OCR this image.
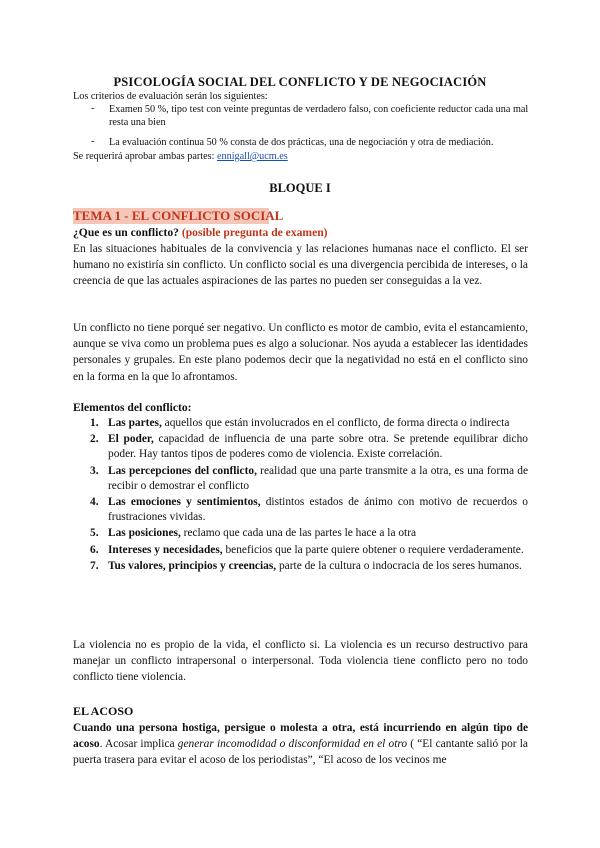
PSICOLOGÍA SOCIAL DEL CONFLICTO Y DE NEGOCIACIÓN
Los criterios de evaluación serán los siguientes:
- Examen 50 %, tipo test con veinte preguntas de verdadero falso, con coeficiente reductor cada una mal resta una bien
- La evaluación continua 50 % consta de dos prácticas, una de negociación y otra de mediación.
Se requerirá aprobar ambas partes: ennigall@ucm.es
BLOQUE I
TEMA 1 - EL CONFLICTO SOCIAL
¿Que es un conflicto? (posible pregunta de examen)
En las situaciones habituales de la convivencia y las relaciones humanas nace el conflicto. El ser humano no existiría sin conflicto. Un conflicto social es una divergencia percibida de intereses, o la creencia de que las actuales aspiraciones de las partes no pueden ser conseguidas a la vez.
Un conflicto no tiene porqué ser negativo. Un conflicto es motor de cambio, evita el estancamiento, aunque se viva como un problema pues es algo a solucionar. Nos ayuda a establecer las identidades personales y grupales. En este plano podemos decir que la negatividad no está en el conflicto sino en la forma en la que lo afrontamos.
Elementos del conflicto:
1. Las partes, aquellos que están involucrados en el conflicto, de forma directa o indirecta
2. El poder, capacidad de influencia de una parte sobre otra. Se pretende equilibrar dicho poder. Hay tantos tipos de poderes como de violencia. Existe correlación.
3. Las percepciones del conflicto, realidad que una parte transmite a la otra, es una forma de recibir o demostrar el conflicto
4. Las emociones y sentimientos, distintos estados de ánimo con motivo de recuerdos o frustraciones vividas.
5. Las posiciones, reclamo que cada una de las partes le hace a la otra
6. Intereses y necesidades, beneficios que la parte quiere obtener o requiere verdaderamente.
7. Tus valores, principios y creencias, parte de la cultura o indocracia de los seres humanos.
La violencia no es propio de la vida, el conflicto si. La violencia es un recurso destructivo para manejar un conflicto intrapersonal o interpersonal. Toda violencia tiene conflicto pero no todo conflicto tiene violencia.
EL ACOSO
Cuando una persona hostiga, persigue o molesta a otra, está incurriendo en algún tipo de acoso. Acosar implica generar incomodidad o disconformidad en el otro ( “El cantante salió por la puerta trasera para evitar el acoso de los periodistas”, “El acoso de los vecinos me
